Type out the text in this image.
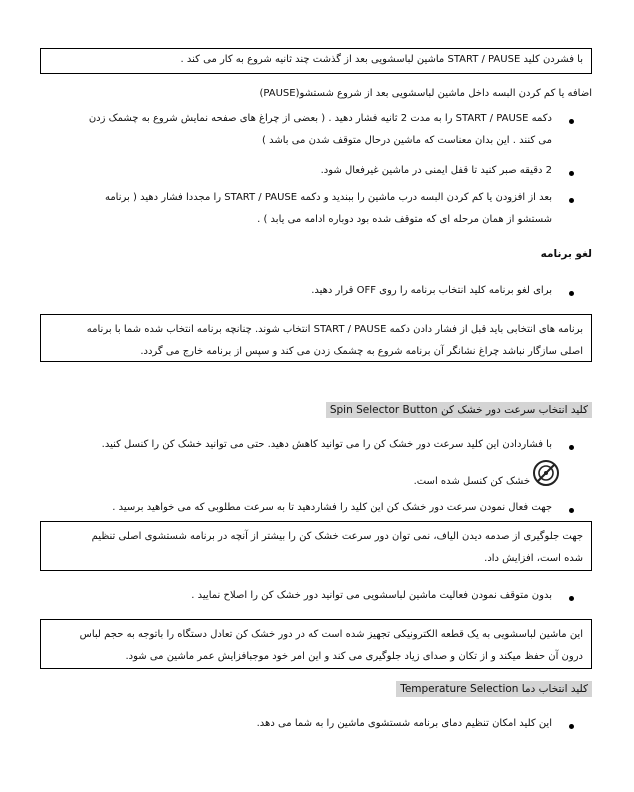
با فشردن کلید START / PAUSE ماشین لباسشویی بعد از گذشت چند ثانیه شروع به کار می کند .
اضافه یا کم کردن البسه داخل ماشین لباسشویی بعد از شروع شستشو(PAUSE)
دکمه START / PAUSE را به مدت 2 ثانیه فشار دهید . ( بعضی از چراغ های صفحه نمایش شروع به چشمک زدن
می کنند . این بدان معناست که ماشین درحال متوقف شدن می باشد )
2 دقیقه صبر کنید تا قفل ایمنی در ماشین غیرفعال شود.
بعد از افزودن یا کم کردن البسه درب ماشین را ببندید و دکمه START / PAUSE را مجددا فشار دهید ( برنامه
شستشو از همان مرحله ای که متوقف شده بود دوباره ادامه می یابد ) .
لغو برنامه
برای لغو برنامه کلید انتخاب برنامه را روی OFF قرار دهید.
برنامه های انتخابی باید قبل از فشار دادن دکمه START / PAUSE انتخاب شوند. چنانچه برنامه انتخاب شده شما با برنامه
اصلی سازگار نباشد چراغ نشانگر آن برنامه شروع به چشمک زدن می کند و سپس از برنامه خارج می گردد.
کلید انتخاب سرعت دور خشک کن Spin Selector Button
با فشاردادن این کلید سرعت دور خشک کن را می توانید کاهش دهید. حتی می توانید خشک کن را کنسل کنید.
خشک کن کنسل شده است.
جهت فعال نمودن سرعت دور خشک کن این کلید را فشاردهید تا به سرعت مطلوبی که می خواهید برسید .
جهت جلوگیری از صدمه دیدن الیاف، نمی توان دور سرعت خشک کن را بیشتر از آنچه در برنامه شستشوی اصلی تنظیم
شده است، افزایش داد.
بدون متوقف نمودن فعالیت ماشین لباسشویی می توانید دور خشک کن را اصلاح نمایید .
این ماشین لباسشویی به یک قطعه الکترونیکی تجهیز شده است که در دور خشک کن تعادل دستگاه را باتوجه به حجم لباس
درون آن حفظ میکند و از تکان و صدای زیاد جلوگیری می کند و این امر خود موجبافزایش عمر ماشین می شود.
کلید انتخاب دما Temperature Selection
این کلید امکان تنظیم دمای برنامه شستشوی ماشین را به شما می دهد.
